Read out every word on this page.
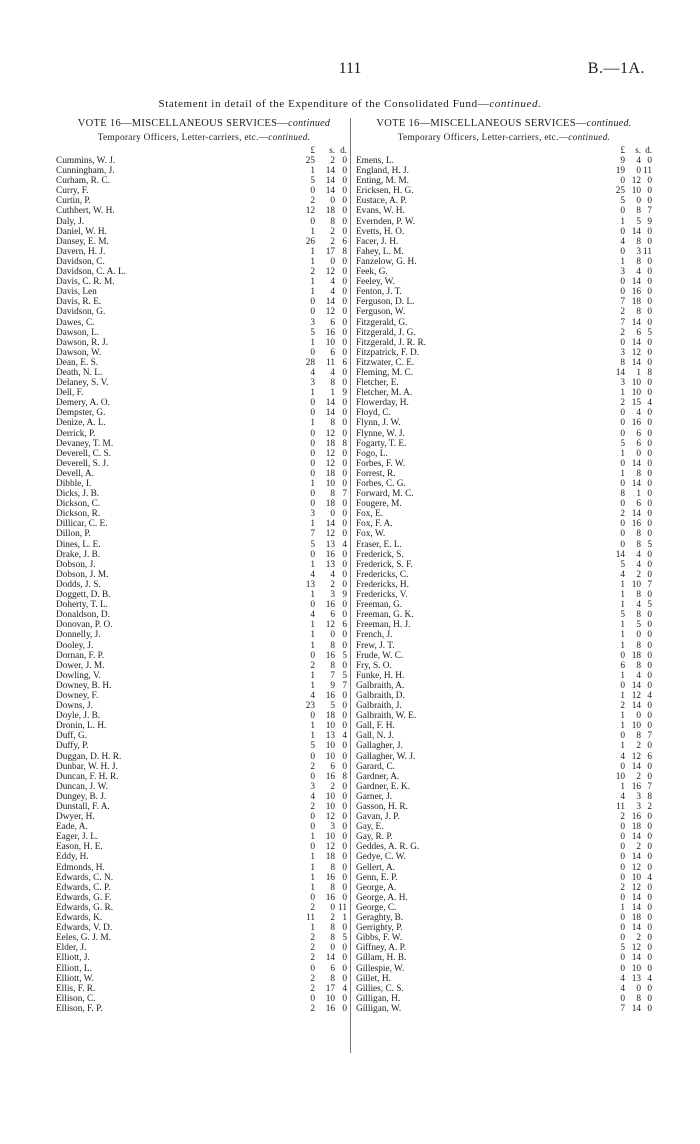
111	B.—1A.
Statement in detail of the Expenditure of the Consolidated Fund—continued.
VOTE 16—MISCELLANEOUS SERVICES—continued
Temporary Officers, Letter-carriers, etc.—continued.
£ s. d.
Cummins, W. J.	25	2 0
Cunningham, J.	1	14 0
Curham, R. C.	5	14 0
Curry, F.	0	14 0
Curtin, P.	2	0 0
Cuthbert, W. H.	12	18 0
Daly, J.	0	8 0
Daniel, W. H.	1	2 0
Dansey, E. M.	26	2 6
Davern, H. J.	1	17 8
Davidson, C.	1	0 0
Davidson, C. A. L.	2	12 0
Davis, C. R. M.	1	4 0
Davis, Len	1	4 0
Davis, R. E.	0	14 0
Davidson, G.	0	12 0
Dawes, C.	3	6 0
Dawson, L.	5	16 0
Dawson, R. J.	1	10 0
Dawson, W.	0	6 0
Dean, E. S.	28	11 6
Death, N. L.	4	4 0
Delaney, S. V.	3	8 0
Dell, F.	1	1 9
Demery, A. O.	0	14 0
Dempster, G.	0	14 0
Denize, A. L.	1	8 0
Derrick, P.	0	12 0
Devaney, T. M.	0	18 8
Deverell, C. S.	0	12 0
Deverell, S. J.	0	12 0
Devell, A.	0	18 0
Dibble, I.	1	10 0
Dicks, J. B.	0	8 7
Dickson, C.	0	18 0
Dickson, R.	3	0 0
Dillicar, C. E.	1	14 0
Dillon, P.	7	12 0
Dines, L. E.	5	13 4
Drake, J. B.	0	16 0
Dobson, J.	1	13 0
Dobson, J. M.	4	4 0
Dodds, J. S.	13	2 0
Doggett, D. B.	1	3 9
Doherty, T. L.	0	16 0
Donaldson, D.	4	6 0
Donovan, P. O.	1	12 6
Donnelly, J.	1	0 0
Dooley, J.	1	8 0
Dornan, F. P.	0	16 5
Dower, J. M.	2	8 0
Dowling, V.	1	7 5
Downey, B. H.	1	9 7
Downey, F.	4	16 0
Downs, J.	23	5 0
Doyle, J. B.	0	18 0
Dronin, L. H.	1	10 0
Duff, G.	1	13 4
Duffy, P.	5	10 0
Duggan, D. H. R.	0	10 0
Dunbar, W. H. J.	2	6 0
Duncan, F. H. R.	0	16 8
Duncan, J. W.	3	2 0
Dungey, B. J.	4	10 0
Dunstall, F. A.	2	10 0
Dwyer, H.	0	12 0
Eade, A.	0	3 0
Eager, J. L.	1	10 0
Eason, H. E.	0	12 0
Eddy, H.	1	18 0
Edmonds, H.	1	8 0
Edwards, C. N.	1	16 0
Edwards, C. P.	1	8 0
Edwards, G. F.	0	16 0
Edwards, G. R.	2	0 11
Edwards, K.	11	2 1
Edwards, V. D.	1	8 0
Eeles, G. J. M.	2	8 5
Elder, J.	2	0 0
Elliott, J.	2	14 0
Elliott, L.	0	6 0
Elliott, W.	2	8 0
Ellis, F. R.	2	17 4
Ellison, C.	0	10 0
Ellison, F. P.	2	16 0
VOTE 16—MISCELLANEOUS SERVICES—continued.
Temporary Officers, Letter-carriers, etc.—continued.
£ s. d.
Emens, L.	9	4 0
England, H. J.	19	0 11
Enting, M. M.	0 12 0
Ericksen, H. G.	25 10 0
Eustace, A. P.	5	0 0
Evans, W. H.	0	8 7
Evernden, P. W.	1	5 9
Evetts, H. O.	0 14 0
Facer, J. H.	4	8 0
Fahey, L. M.	0	3 11
Fanzelow, G. H.	1	8 0
Feek, G.	3	4 0
Feeley, W.	0 14 0
Fenton, J. T.	0 16 0
Ferguson, D. L.	7 18 0
Ferguson, W.	2	8 0
Fitzgerald, G.	7 14 0
Fitzgerald, J. G.	2	6 5
Fitzgerald, J. R. R.	0 14 0
Fitzpatrick, F. D.	3 12 0
Fitzwater, C. E.	8 14 0
Fleming, M. C.	14	1 8
Fletcher, E.	3 10 0
Fletcher, M. A.	1 10 0
Flowerday, H.	2 15 4
Floyd, C.	0	4 0
Flynn, J. W.	0 16 0
Flynne, W. J.	0	6 0
Fogarty, T. E.	5	6 0
Fogo, L.	1	0 0
Forbes, F. W.	0 14 0
Forrest, R.	1	8 0
Forbes, C. G.	0 14 0
Forward, M. C.	8	1 0
Fougere, M.	0	6 0
Fox, E.	2 14 0
Fox, F. A.	0 16 0
Fox, W.	0	8 0
Fraser, E. L.	0	8 5
Frederick, S.	14	4 0
Frederick, S. F.	5	4 0
Fredericks, C.	4	2 0
Fredericks, H.	1 10 7
Fredericks, V.	1	8 0
Freeman, G.	1	4 5
Freeman, G. K.	5	8 0
Freeman, H. J.	1	5 0
French, J.	1	0 0
Frew, J. T.	1	8 0
Frude, W. C.	0 18 0
Fry, S. O.	6	8 0
Funke, H. H.	1	4 0
Galbraith, A.	0 14 0
Galbraith, D.	1 12 4
Galbraith, J.	2 14 0
Galbraith, W. E.	1	0 0
Gall, F. H.	1 10 0
Gall, N. J.	0	8 7
Gallagher, J.	1	2 0
Gallagher, W. J.	4 12 6
Garard, C.	0 14 0
Gardner, A.	10	2 0
Gardner, E. K.	1 16 7
Garner, J.	4	3 8
Gasson, H. R.	11	3 2
Gavan, J. P.	2 16 0
Gay, E.	0 18 0
Gay, R. P.	0 14 0
Geddes, A. R. G.	0	2 0
Gedye, C. W.	0 14 0
Gellert, A.	0 12 0
Genn, E. P.	0 10 4
George, A.	2 12 0
George, A. H.	0 14 0
George, C.	1 14 0
Geraghty, B.	0 18 0
Gerrighty, P.	0 14 0
Gibbs, F. W.	0	2 0
Giffney, A. P.	5 12 0
Gillam, H. B.	0 14 0
Gillespie, W.	0 10 0
Gillet, H.	4 13 4
Gillies, C. S.	4	0 0
Gilligan, H.	0	8 0
Gilligan, W.	7 14 0
